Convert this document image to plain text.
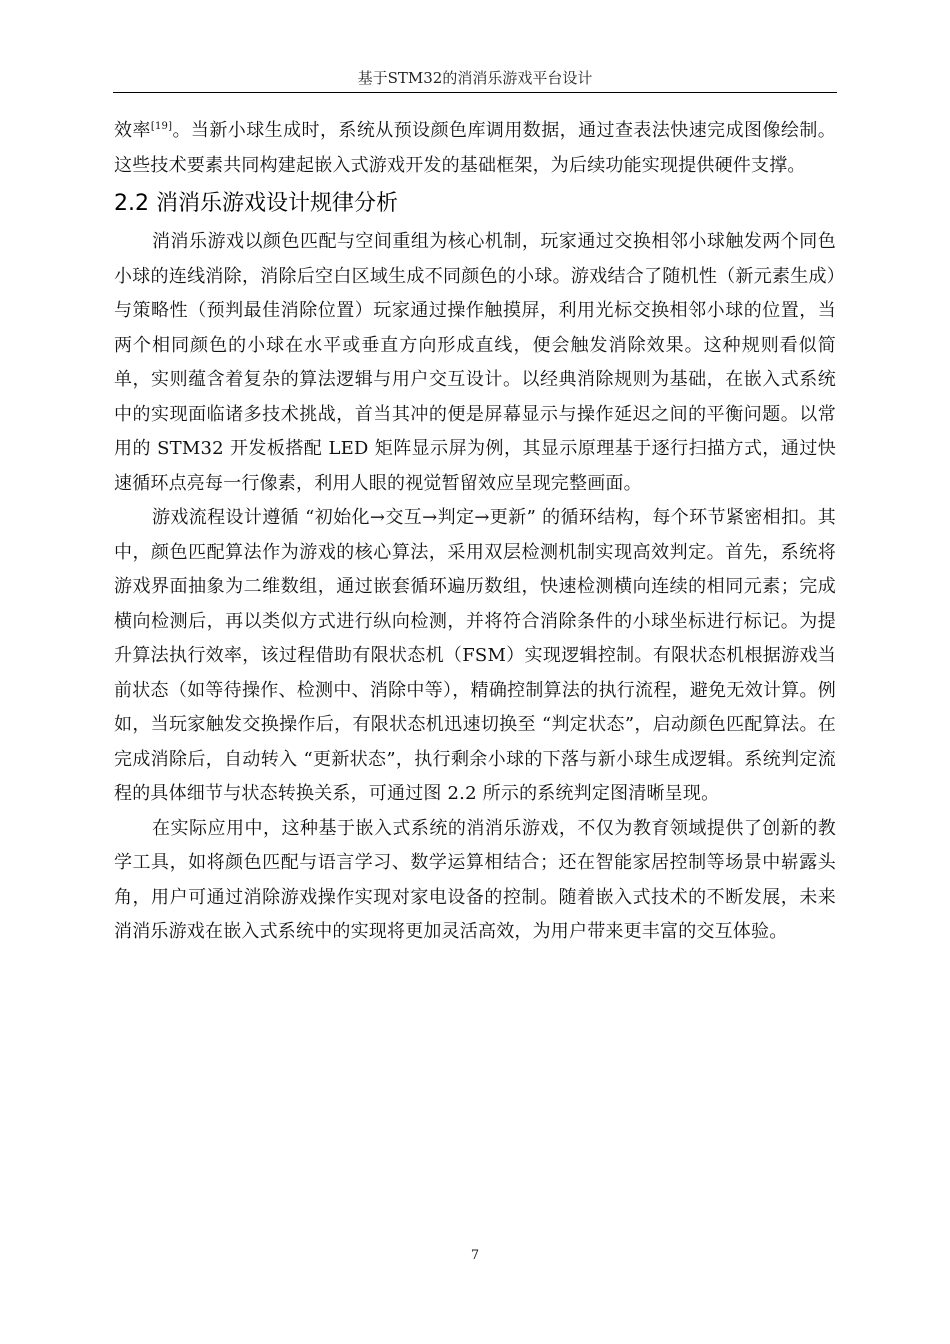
基于STM32的消消乐游戏平台设计

效率[19]。当新小球生成时，系统从预设颜色库调用数据，通过查表法快速完成图像绘制。这些技术要素共同构建起嵌入式游戏开发的基础框架，为后续功能实现提供硬件支撑。

2.2 消消乐游戏设计规律分析

消消乐游戏以颜色匹配与空间重组为核心机制，玩家通过交换相邻小球触发两个同色小球的连线消除，消除后空白区域生成不同颜色的小球。游戏结合了随机性（新元素生成）与策略性（预判最佳消除位置）玩家通过操作触摸屏，利用光标交换相邻小球的位置，当两个相同颜色的小球在水平或垂直方向形成直线，便会触发消除效果。这种规则看似简单，实则蕴含着复杂的算法逻辑与用户交互设计。以经典消除规则为基础，在嵌入式系统中的实现面临诸多技术挑战，首当其冲的便是屏幕显示与操作延迟之间的平衡问题。以常用的 STM32 开发板搭配 LED 矩阵显示屏为例，其显示原理基于逐行扫描方式，通过快速循环点亮每一行像素，利用人眼的视觉暂留效应呈现完整画面。

游戏流程设计遵循 “初始化→交互→判定→更新” 的循环结构，每个环节紧密相扣。其中，颜色匹配算法作为游戏的核心算法，采用双层检测机制实现高效判定。首先，系统将游戏界面抽象为二维数组，通过嵌套循环遍历数组，快速检测横向连续的相同元素；完成横向检测后，再以类似方式进行纵向检测，并将符合消除条件的小球坐标进行标记。为提升算法执行效率，该过程借助有限状态机（FSM）实现逻辑控制。有限状态机根据游戏当前状态（如等待操作、检测中、消除中等），精确控制算法的执行流程，避免无效计算。例如，当玩家触发交换操作后，有限状态机迅速切换至 “判定状态”，启动颜色匹配算法。在完成消除后，自动转入 “更新状态”，执行剩余小球的下落与新小球生成逻辑。系统判定流程的具体细节与状态转换关系，可通过图 2.2 所示的系统判定图清晰呈现。

在实际应用中，这种基于嵌入式系统的消消乐游戏，不仅为教育领域提供了创新的教学工具，如将颜色匹配与语言学习、数学运算相结合；还在智能家居控制等场景中崭露头角，用户可通过消除游戏操作实现对家电设备的控制。随着嵌入式技术的不断发展，未来消消乐游戏在嵌入式系统中的实现将更加灵活高效，为用户带来更丰富的交互体验。

7
